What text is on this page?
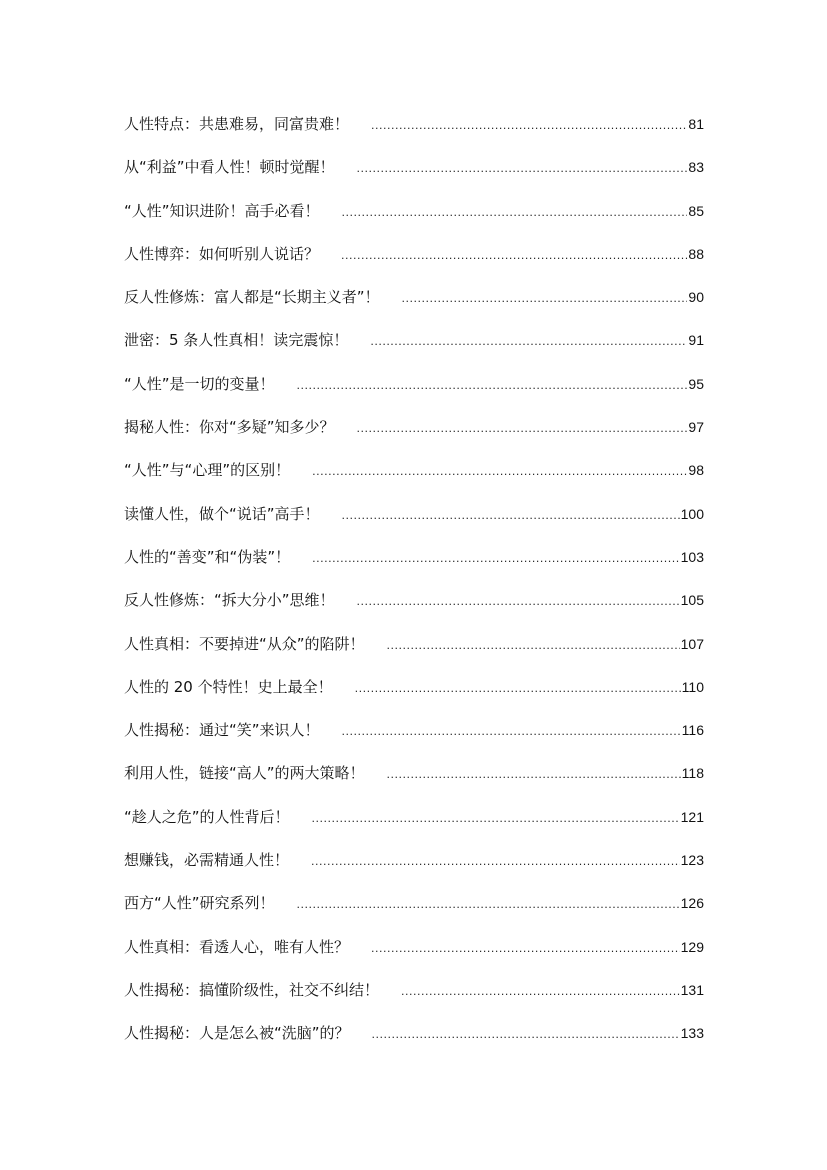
人性特点：共患难易，同富贵难！ .....	81
从“利益”中看人性！顿时觉醒！ .....	83
“人性”知识进阶！高手必看！ .....	85
人性博弈：如何听别人说话？ .....	88
反人性修炼：富人都是“长期主义者”！ .....	90
泄密：5 条人性真相！读完震惊！ .....	91
“人性”是一切的变量！ .....	95
揭秘人性：你对“多疑”知多少？ .....	97
“人性”与“心理”的区别！ .....	98
读懂人性，做个“说话”高手！ .....	100
人性的“善变”和“伪装”！ .....	103
反人性修炼：“拆大分小”思维！ .....	105
人性真相：不要掉进“从众”的陷阱！ .....	107
人性的 20 个特性！史上最全！ .....	110
人性揭秘：通过“笑”来识人！ .....	116
利用人性，链接“高人”的两大策略！ .....	118
“趁人之危”的人性背后！ .....	121
想赚钱，必需精通人性！ .....	123
西方“人性”研究系列！ .....	126
人性真相：看透人心，唯有人性？ .....	129
人性揭秘：搞懂阶级性，社交不纠结！ .....	131
人性揭秘：人是怎么被“洗脑”的？ .....	133
